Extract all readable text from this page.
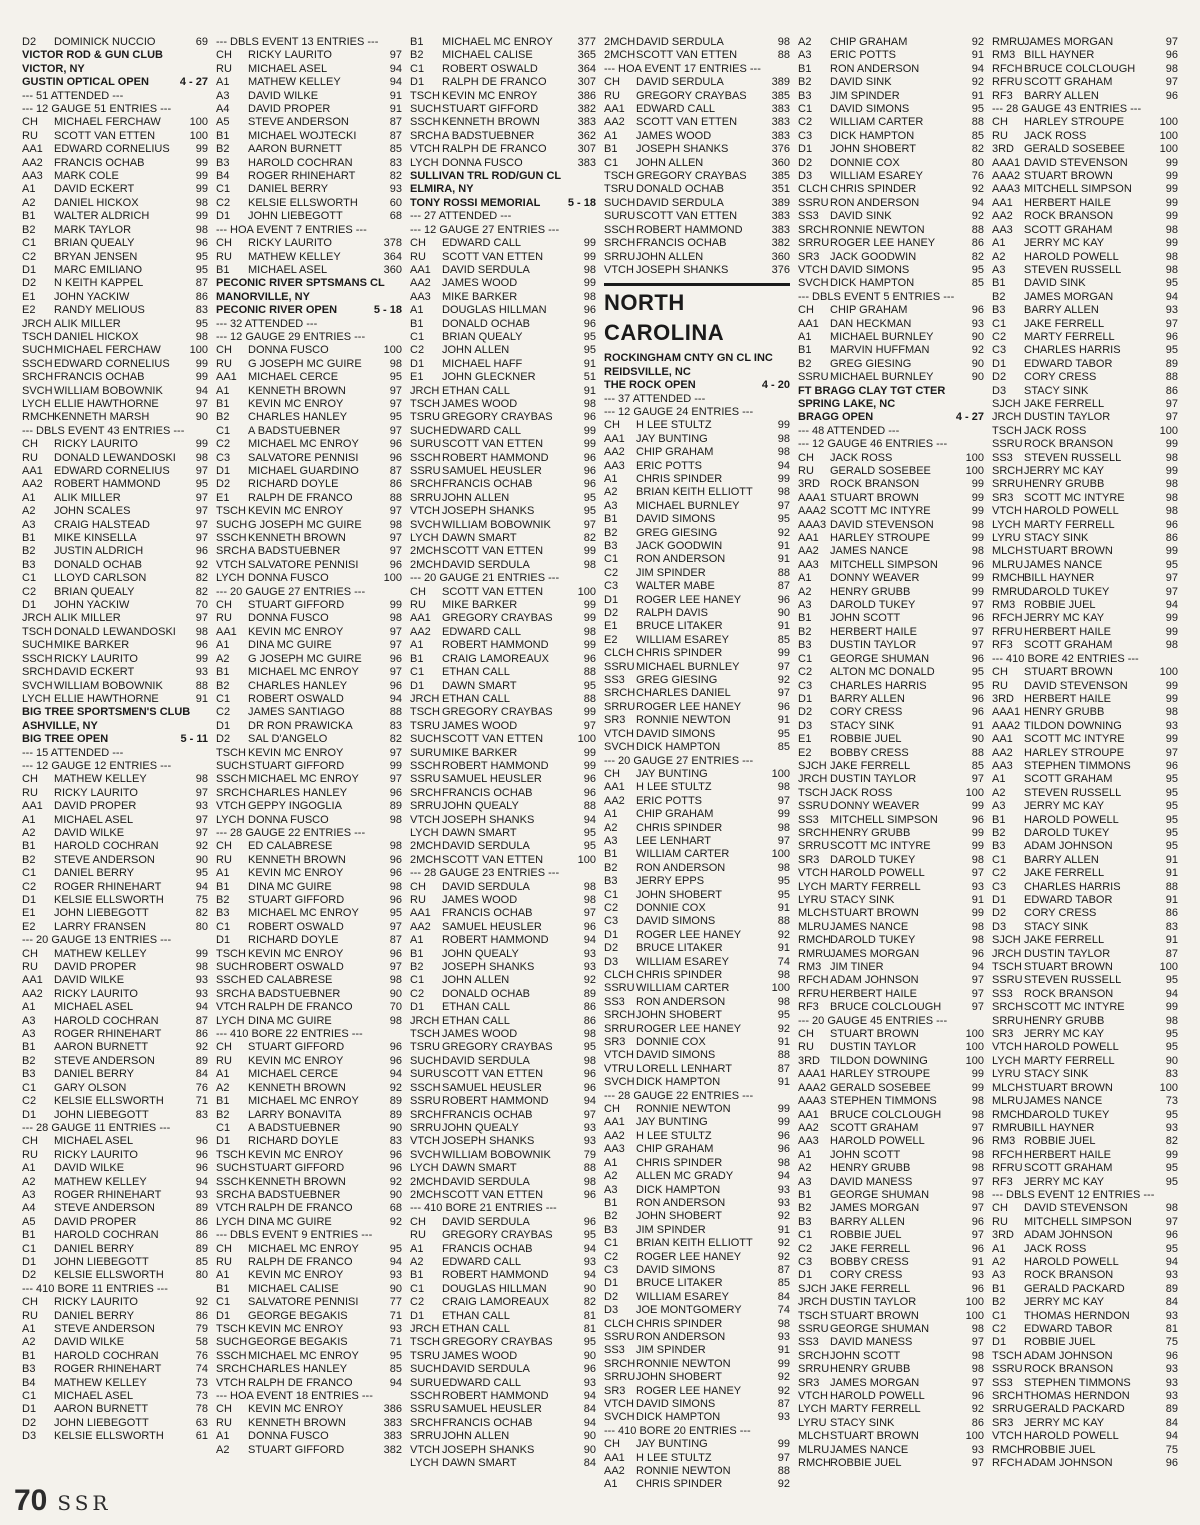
D2	DOMINICK NUCCIO	69
VICTOR ROD & GUN CLUB
VICTOR, NY
GUSTIN OPTICAL OPEN	4 - 27
--- 51 ATTENDED ---
--- 12 GAUGE 51 ENTRIES ---
CH	MICHAEL FERCHAW	100
RU	SCOTT VAN ETTEN	100
AA1	EDWARD CORNELIUS	99
AA2	FRANCIS OCHAB	99
AA3	MARK COLE	99
A1	DAVID ECKERT	99
A2	DANIEL HICKOX	98
B1	WALTER ALDRICH	99
B2	MARK TAYLOR	98
C1	BRIAN QUEALY	96
C2	BRYAN JENSEN	95
D1	MARC EMILIANO	95
D2	N KEITH KAPPEL	87
E1	JOHN YACKIW	86
E2	RANDY MELIOUS	83
JRCH ALIK MILLER	95
TSCH DANIEL HICKOX	98
SUCH MICHAEL FERCHAW	100
SSCH EDWARD CORNELIUS	99
SRCH FRANCIS OCHAB	99
SVCH WILLIAM BOBOWNIK	94
LYCH ELLIE HAWTHORNE	97
RMCH KENNETH MARSH	90
--- DBLS EVENT 43 ENTRIES ---
CH	RICKY LAURITO	99
RU	DONALD LEWANDOSKI	98
AA1	EDWARD CORNELIUS	97
AA2	ROBERT HAMMOND	95
A1	ALIK MILLER	97
A2	JOHN SCALES	97
A3	CRAIG HALSTEAD	97
B1	MIKE KINSELLA	97
B2	JUSTIN ALDRICH	96
B3	DONALD OCHAB	92
C1	LLOYD CARLSON	82
C2	BRIAN QUEALY	82
D1	JOHN YACKIW	70
JRCH ALIK MILLER	97
TSCH DONALD LEWANDOSKI	98
SUCH MIKE BARKER	96
SSCH RICKY LAURITO	99
SRCH DAVID ECKERT	93
SVCH WILLIAM BOBOWNIK	88
LYCH ELLIE HAWTHORNE	91
BIG TREE SPORTSMEN'S CLUB
ASHVILLE, NY
BIG TREE OPEN	5 - 11
--- 15 ATTENDED ---
--- 12 GAUGE 12 ENTRIES ---
CH	MATHEW KELLEY	98
RU	RICKY LAURITO	97
AA1	DAVID PROPER	93
A1	MICHAEL ASEL	97
A2	DAVID WILKE	97
B1	HAROLD COCHRAN	92
B2	STEVE ANDERSON	90
C1	DANIEL BERRY	95
C2	ROGER RHINEHART	94
D1	KELSIE ELLSWORTH	75
E1	JOHN LIEBEGOTT	82
E2	LARRY FRANSEN	80
--- 20 GAUGE 13 ENTRIES ---
CH	MATHEW KELLEY	99
RU	DAVID PROPER	98
AA1	DAVID WILKE	93
AA2	RICKY LAURITO	93
A1	MICHAEL ASEL	94
A3	HAROLD COCHRAN	87
A3	ROGER RHINEHART	86
B1	AARON BURNETT	92
B2	STEVE ANDERSON	89
B3	DANIEL BERRY	84
C1	GARY OLSON	76
C2	KELSIE ELLSWORTH	71
D1	JOHN LIEBEGOTT	83
--- 28 GAUGE 11 ENTRIES ---
CH	MICHAEL ASEL	96
RU	RICKY LAURITO	96
A1	DAVID WILKE	96
A2	MATHEW KELLEY	94
A3	ROGER RHINEHART	93
A4	STEVE ANDERSON	89
A5	DAVID PROPER	86
B1	HAROLD COCHRAN	86
C1	DANIEL BERRY	89
D1	JOHN LIEBEGOTT	85
D2	KELSIE ELLSWORTH	80
--- 410 BORE 11 ENTRIES ---
CH	RICKY LAURITO	92
RU	DANIEL BERRY	86
A1	STEVE ANDERSON	79
A2	DAVID WILKE	58
B1	HAROLD COCHRAN	76
B3	ROGER RHINEHART	74
B4	MATHEW KELLEY	73
C1	MICHAEL ASEL	73
D1	AARON BURNETT	78
D2	JOHN LIEBEGOTT	63
D3	KELSIE ELLSWORTH	61
--- DBLS EVENT 13 ENTRIES ---
CH	RICKY LAURITO	97
RU	MICHAEL ASEL	94
A1	MATHEW KELLEY	94
A3	DAVID WILKE	91
A4	DAVID PROPER	91
A5	STEVE ANDERSON	87
B1	MICHAEL WOJTECKI	87
B2	AARON BURNETT	85
B3	HAROLD COCHRAN	83
B4	ROGER RHINEHART	82
C1	DANIEL BERRY	93
C2	KELSIE ELLSWORTH	60
D1	JOHN LIEBEGOTT	68
--- HOA EVENT 7 ENTRIES ---
CH	RICKY LAURITO	378
RU	MATHEW KELLEY	364
B1	MICHAEL ASEL	360
PECONIC RIVER SPTSMANS CL
MANORVILLE, NY
PECONIC RIVER OPEN	5 - 18
--- 32 ATTENDED ---
--- 12 GAUGE 29 ENTRIES ---
CH	DONNA FUSCO	100
RU	G JOSEPH MC GUIRE	98
AA1	MICHAEL CERCE	95
A1	KENNETH BROWN	97
B1	KEVIN MC ENROY	97
B2	CHARLES HANLEY	95
C1	A BADSTUEBNER	97
C2	MICHAEL MC ENROY	96
C3	SALVATORE PENNISI	96
D1	MICHAEL GUARDINO	87
D2	RICHARD DOYLE	86
E1	RALPH DE FRANCO	88
TSCH KEVIN MC ENROY	97
SUCH G JOSEPH MC GUIRE	98
SSCH KENNETH BROWN	97
SRCH A BADSTUEBNER	97
VTCH SALVATORE PENNISI	96
LYCH DONNA FUSCO	100
--- 20 GAUGE 27 ENTRIES ---
CH	STUART GIFFORD	99
RU	DONNA FUSCO	98
AA1	KEVIN MC ENROY	97
A1	DINA MC GUIRE	97
A2	G JOSEPH MC GUIRE	96
B1	MICHAEL MC ENROY	97
B2	CHARLES HANLEY	96
C1	ROBERT OSWALD	94
C2	JAMES SANTIAGO	88
D1	DR RON PRAWICKA	83
D2	SAL D'ANGELO	82
TSCH KEVIN MC ENROY	97
SUCH STUART GIFFORD	99
SSCH MICHAEL MC ENROY	97
SRCH CHARLES HANLEY	96
VTCH GEPPY INGOGLIA	89
LYCH DONNA FUSCO	98
--- 28 GAUGE 22 ENTRIES ---
CH	ED CALABRESE	98
RU	KENNETH BROWN	96
A1	KEVIN MC ENROY	96
B1	DINA MC GUIRE	98
B2	STUART GIFFORD	96
B3	MICHAEL MC ENROY	95
C1	ROBERT OSWALD	97
D1	RICHARD DOYLE	87
TSCH KEVIN MC ENROY	96
SUCH ROBERT OSWALD	97
SSCH ED CALABRESE	98
SRCH A BADSTUEBNER	90
VTCH RALPH DE FRANCO	70
LYCH DINA MC GUIRE	98
--- 410 BORE 22 ENTRIES ---
CH	STUART GIFFORD	96
RU	KEVIN MC ENROY	96
A1	MICHAEL CERCE	94
A2	KENNETH BROWN	92
B1	MICHAEL MC ENROY	89
B2	LARRY BONAVITA	89
C1	A BADSTUEBNER	90
D1	RICHARD DOYLE	83
TSCH KEVIN MC ENROY	96
SUCH STUART GIFFORD	96
SSCH KENNETH BROWN	92
SRCH A BADSTUEBNER	90
VTCH RALPH DE FRANCO	68
LYCH DINA MC GUIRE	92
--- DBLS EVENT 9 ENTRIES ---
CH	MICHAEL MC ENROY	95
RU	RALPH DE FRANCO	94
A1	KEVIN MC ENROY	93
B1	MICHAEL CALISE	90
C1	SALVATORE PENNISI	77
D1	GEORGE BEGAKIS	71
TSCH KEVIN MC ENROY	93
SUCH GEORGE BEGAKIS	71
SSCH MICHAEL MC ENROY	95
SRCH CHARLES HANLEY	85
VTCH RALPH DE FRANCO	94
--- HOA EVENT 18 ENTRIES ---
CH	KEVIN MC ENROY	386
RU	KENNETH BROWN	383
A1	DONNA FUSCO	383
A2	STUART GIFFORD	382
B1	MICHAEL MC ENROY	377
B2	MICHAEL CALISE	365
C1	ROBERT OSWALD	364
D1	RALPH DE FRANCO	307
TSCH KEVIN MC ENROY	386
SUCH STUART GIFFORD	382
SSCH KENNETH BROWN	383
SRCH A BADSTUEBNER	362
VTCH RALPH DE FRANCO	307
LYCH DONNA FUSCO	383
SULLIVAN TRL ROD/GUN CL
ELMIRA, NY
TONY ROSSI MEMORIAL 5 - 18
--- 27 ATTENDED ---
--- 12 GAUGE 27 ENTRIES ---
CH	EDWARD CALL	99
RU	SCOTT VAN ETTEN	99
AA1	DAVID SERDULA	98
AA2	JAMES WOOD	99
AA3	MIKE BARKER	98
A1	DOUGLAS HILLMAN	96
B1	DONALD OCHAB	96
C1	BRIAN QUEALY	95
C2	JOHN ALLEN	95
D1	MICHAEL HAFF	91
E1	JOHN GLECKNER	51
JRCH ETHAN CALL	91
TSCH JAMES WOOD	98
TSRU GREGORY CRAYBAS	96
SUCH EDWARD CALL	99
SURU SCOTT VAN ETTEN	99
SSCH ROBERT HAMMOND	96
SSRU SAMUEL HEUSLER	96
SRCH FRANCIS OCHAB	96
SRRU JOHN ALLEN	95
VTCH JOSEPH SHANKS	95
SVCH WILLIAM BOBOWNIK	97
LYCH DAWN SMART	82
2MCH SCOTT VAN ETTEN	99
2MCH DAVID SERDULA	98
--- 20 GAUGE 21 ENTRIES ---
CH	SCOTT VAN ETTEN	100
RU	MIKE BARKER	99
AA1	GREGORY CRAYBAS	99
AA2	EDWARD CALL	98
A1	ROBERT HAMMOND	99
B1	CRAIG LAMOREAUX	96
C1	ETHAN CALL	88
D1	DAWN SMART	95
JRCH ETHAN CALL	88
TSCH GREGORY CRAYBAS	99
TSRU JAMES WOOD	97
SUCH SCOTT VAN ETTEN	100
SURU MIKE BARKER	99
SSCH ROBERT HAMMOND	99
SSRU SAMUEL HEUSLER	96
SRCH FRANCIS OCHAB	96
SRRU JOHN QUEALY	88
VTCH JOSEPH SHANKS	94
LYCH DAWN SMART	95
2MCH DAVID SERDULA	95
2MCH SCOTT VAN ETTEN	100
--- 28 GAUGE 23 ENTRIES ---
CH	DAVID SERDULA	98
RU	JAMES WOOD	98
AA1	FRANCIS OCHAB	97
AA2	SAMUEL HEUSLER	96
A1	ROBERT HAMMOND	94
B1	JOHN QUEALY	93
B2	JOSEPH SHANKS	93
C1	JOHN ALLEN	92
C2	DONALD OCHAB	89
D1	ETHAN CALL	86
JRCH ETHAN CALL	86
TSCH JAMES WOOD	98
TSRU GREGORY CRAYBAS	95
SUCH DAVID SERDULA	98
SURU SCOTT VAN ETTEN	96
SSCH SAMUEL HEUSLER	96
SSRU ROBERT HAMMOND	94
SRCH FRANCIS OCHAB	97
SRRU JOHN QUEALY	93
VTCH JOSEPH SHANKS	93
SVCH WILLIAM BOBOWNIK	79
LYCH DAWN SMART	88
2MCH DAVID SERDULA	98
2MCH SCOTT VAN ETTEN	96
--- 410 BORE 21 ENTRIES ---
CH	DAVID SERDULA	96
RU	GREGORY CRAYBAS	95
A1	FRANCIS OCHAB	94
A2	EDWARD CALL	93
B1	ROBERT HAMMOND	94
C1	DOUGLAS HILLMAN	90
C2	CRAIG LAMOREAUX	82
D1	ETHAN CALL	81
JRCH ETHAN CALL	81
TSCH GREGORY CRAYBAS	95
TSRU JAMES WOOD	90
SUCH DAVID SERDULA	96
SURU EDWARD CALL	93
SSCH ROBERT HAMMOND	94
SSRU SAMUEL HEUSLER	84
SRCH FRANCIS OCHAB	94
SRRU JOHN ALLEN	90
VTCH JOSEPH SHANKS	90
LYCH DAWN SMART	84
2MCH DAVID SERDULA	98
2MCH SCOTT VAN ETTEN	88
--- HOA EVENT 17 ENTRIES ---
CH	DAVID SERDULA	389
RU	GREGORY CRAYBAS	385
AA1	EDWARD CALL	383
AA2	SCOTT VAN ETTEN	383
A1	JAMES WOOD	383
B1	JOSEPH SHANKS	376
C1	JOHN ALLEN	360
TSCH GREGORY CRAYBAS	385
TSRU DONALD OCHAB	351
SUCH DAVID SERDULA	389
SURU SCOTT VAN ETTEN	383
SSCH ROBERT HAMMOND	383
SRCH FRANCIS OCHAB	382
SRRU JOHN ALLEN	360
VTCH JOSEPH SHANKS	376
NORTH CAROLINA
ROCKINGHAM CNTY GN CL INC
REIDSVILLE, NC
THE ROCK OPEN	4 - 20
--- 37 ATTENDED ---
--- 12 GAUGE 24 ENTRIES ---
CH	H LEE STULTZ	99
AA1	JAY BUNTING	98
AA2	CHIP GRAHAM	98
AA3	ERIC POTTS	94
A1	CHRIS SPINDER	99
A2	BRIAN KEITH ELLIOTT	98
A3	MICHAEL BURNLEY	97
B1	DAVID SIMONS	95
B2	GREG GIESING	92
B3	JACK GOODWIN	91
C1	RON ANDERSON	91
C2	JIM SPINDER	88
C3	WALTER MABE	87
D1	ROGER LEE HANEY	96
D2	RALPH DAVIS	90
E1	BRUCE LITAKER	91
E2	WILLIAM ESAREY	85
CLCH CHRIS SPINDER	99
SSRU MICHAEL BURNLEY	97
SS3	GREG GIESING	92
SRCH CHARLES DANIEL	97
SRRU ROGER LEE HANEY	96
SR3 RONNIE NEWTON	91
VTCH DAVID SIMONS	95
SVCH DICK HAMPTON	85
--- 20 GAUGE 27 ENTRIES ---
CH	JAY BUNTING	100
AA1	H LEE STULTZ	98
AA2	ERIC POTTS	97
A1	CHIP GRAHAM	99
A2	CHRIS SPINDER	98
A3	LEE LENHART	97
B1	WILLIAM CARTER	100
B2	RON ANDERSON	98
B3	JERRY EPPS	95
C1	JOHN SHOBERT	95
C2	DONNIE COX	91
C3	DAVID SIMONS	88
D1	ROGER LEE HANEY	92
D2	BRUCE LITAKER	91
D3	WILLIAM ESAREY	74
CLCH CHRIS SPINDER	98
SSRU WILLIAM CARTER	100
SS3	RON ANDERSON	98
SRCH JOHN SHOBERT	95
SRRU ROGER LEE HANEY	92
SR3 DONNIE COX	91
VTCH DAVID SIMONS	88
VTRU LORELL LENHART	87
SVCH DICK HAMPTON	91
--- 28 GAUGE 22 ENTRIES ---
CH	RONNIE NEWTON	99
AA1	JAY BUNTING	99
AA2	H LEE STULTZ	96
AA3	CHIP GRAHAM	96
A1	CHRIS SPINDER	98
A2	ALLEN MC GRADY	94
A3	DICK HAMPTON	93
B1	RON ANDERSON	93
B2	JOHN SHOBERT	92
B3	JIM SPINDER	91
C1	BRIAN KEITH ELLIOTT	92
C2	ROGER LEE HANEY	92
C3	DAVID SIMONS	87
D1	BRUCE LITAKER	85
D2	WILLIAM ESAREY	84
D3	JOE MONTGOMERY	74
CLCH CHRIS SPINDER	98
SSRU RON ANDERSON	93
SS3	JIM SPINDER	91
SRCH RONNIE NEWTON	99
SRRU JOHN SHOBERT	92
SR3 ROGER LEE HANEY	92
VTCH DAVID SIMONS	87
SVCH DICK HAMPTON	93
--- 410 BORE 20 ENTRIES ---
CH	JAY BUNTING	99
AA1	H LEE STULTZ	97
AA2	RONNIE NEWTON	88
A1	CHRIS SPINDER	92
A2	CHIP GRAHAM	92
A3	ERIC POTTS	91
B1	RON ANDERSON	94
B2	DAVID SINK	92
B3	JIM SPINDER	91
C1	DAVID SIMONS	95
C2	WILLIAM CARTER	88
C3	DICK HAMPTON	85
D1	JOHN SHOBERT	82
D2	DONNIE COX	80
D3	WILLIAM ESAREY	76
CLCH CHRIS SPINDER	92
SSRU RON ANDERSON	94
SS3	DAVID SINK	92
SRCH RONNIE NEWTON	88
SRRU ROGER LEE HANEY	86
SR3 JACK GOODWIN	82
VTCH DAVID SIMONS	95
SVCH DICK HAMPTON	85
--- DBLS EVENT 5 ENTRIES ---
CH	CHIP GRAHAM	96
AA1	DAN HECKMAN	93
A1	MICHAEL BURNLEY	90
B1	MARVIN HUFFMAN	92
B2	GREG GIESING	90
SSRU MICHAEL BURNLEY	90
FT BRAGG CLAY TGT CTER
SPRING LAKE, NC
BRAGG OPEN	4 - 27
--- 48 ATTENDED ---
--- 12 GAUGE 46 ENTRIES ---
CH	JACK ROSS	100
RU	GERALD SOSEBEE	100
3RD ROCK BRANSON	99
AAA1 STUART BROWN	99
AAA2 SCOTT MC INTYRE	99
AAA3 DAVID STEVENSON	98
AA1	HARLEY STROUPE	99
AA2	JAMES NANCE	98
AA3	MITCHELL SIMPSON	96
A1	DONNY WEAVER	99
A2	HENRY GRUBB	99
A3	DAROLD TUKEY	97
B1	JOHN SCOTT	96
B2	HERBERT HAILE	97
B3	DUSTIN TAYLOR	97
C1	GEORGE SHUMAN	96
C2	ALTON MC DONALD	95
C3	CHARLES HARRIS	95
D1	BARRY ALLEN	96
D2	CORY CRESS	96
D3	STACY SINK	91
E1	ROBBIE JUEL	90
E2	BOBBY CRESS	88
SJCH JAKE FERRELL	85
JRCH DUSTIN TAYLOR	97
TSCH JACK ROSS	100
SSRU DONNY WEAVER	99
SS3	MITCHELL SIMPSON	96
SRCH HENRY GRUBB	99
SRRU SCOTT MC INTYRE	99
SR3 DAROLD TUKEY	98
VTCH HAROLD POWELL	97
LYCH MARTY FERRELL	93
LYRU STACY SINK	91
MLCH STUART BROWN	99
MLRU JAMES NANCE	98
RMCH DAROLD TUKEY	98
RMRU JAMES MORGAN	96
RM3 JIM TINER	94
RFCH ADAM JOHNSON	97
RFRU HERBERT HAILE	97
RF3	BRUCE COLCLOUGH	97
--- 20 GAUGE 45 ENTRIES ---
CH	STUART BROWN	100
RU	DUSTIN TAYLOR	100
3RD TILDON DOWNING	100
AAA1 HARLEY STROUPE	99
AAA2 GERALD SOSEBEE	99
AAA3 STEPHEN TIMMONS	98
AA1	BRUCE COLCLOUGH	98
AA2	SCOTT GRAHAM	97
AA3	HAROLD POWELL	96
A1	JOHN SCOTT	98
A2	HENRY GRUBB	98
A3	DAVID MANESS	97
B1	GEORGE SHUMAN	98
B2	JAMES MORGAN	97
B3	BARRY ALLEN	96
C1	ROBBIE JUEL	97
C2	JAKE FERRELL	96
C3	BOBBY CRESS	91
D1	CORY CRESS	93
SJCH JAKE FERRELL	96
JRCH DUSTIN TAYLOR	100
TSCH STUART BROWN	100
SSRU GEORGE SHUMAN	98
SS3	DAVID MANESS	97
SRCH JOHN SCOTT	98
SRRU HENRY GRUBB	98
SR3 JAMES MORGAN	97
VTCH HAROLD POWELL	96
LYCH MARTY FERRELL	92
LYRU STACY SINK	86
MLCH STUART BROWN	100
MLRU JAMES NANCE	93
RMCH ROBBIE JUEL	97
RMRU JAMES MORGAN	97
RM3 BILL HAYNER	96
RFCH BRUCE COLCLOUGH	98
RFRU SCOTT GRAHAM	97
RF3	BARRY ALLEN	96
--- 28 GAUGE 43 ENTRIES ---
CH	HARLEY STROUPE	100
RU	JACK ROSS	100
3RD GERALD SOSEBEE	100
AAA1 DAVID STEVENSON	99
AAA2 STUART BROWN	99
AAA3 MITCHELL SIMPSON	99
AA1	HERBERT HAILE	99
AA2	ROCK BRANSON	99
AA3	SCOTT GRAHAM	98
A1	JERRY MC KAY	99
A2	HAROLD POWELL	98
A3	STEVEN RUSSELL	98
B1	DAVID SINK	95
B2	JAMES MORGAN	94
B3	BARRY ALLEN	93
C1	JAKE FERRELL	97
C2	MARTY FERRELL	96
C3	CHARLES HARRIS	95
D1	EDWARD TABOR	89
D2	CORY CRESS	88
D3	STACY SINK	86
SJCH JAKE FERRELL	97
JRCH DUSTIN TAYLOR	97
TSCH JACK ROSS	100
SSRU ROCK BRANSON	99
SS3	STEVEN RUSSELL	98
SRCH JERRY MC KAY	99
SRRU HENRY GRUBB	98
SR3 SCOTT MC INTYRE	98
VTCH HAROLD POWELL	98
LYCH MARTY FERRELL	96
LYRU STACY SINK	86
MLCH STUART BROWN	99
MLRU JAMES NANCE	95
RMCH BILL HAYNER	97
RMRU DAROLD TUKEY	97
RM3 ROBBIE JUEL	94
RFCH JERRY MC KAY	99
RFRU HERBERT HAILE	99
RF3	SCOTT GRAHAM	98
--- 410 BORE 42 ENTRIES ---
CH	STUART BROWN	100
RU	DAVID STEVENSON	99
3RD HERBERT HAILE	99
AAA1 HENRY GRUBB	98
AAA2 TILDON DOWNING	93
AA1	SCOTT MC INTYRE	99
AA2	HARLEY STROUPE	97
AA3	STEPHEN TIMMONS	96
A1	SCOTT GRAHAM	95
A2	STEVEN RUSSELL	95
A3	JERRY MC KAY	95
B1	HAROLD POWELL	95
B2	DAROLD TUKEY	95
B3	ADAM JOHNSON	95
C1	BARRY ALLEN	91
C2	JAKE FERRELL	91
C3	CHARLES HARRIS	88
D1	EDWARD TABOR	91
D2	CORY CRESS	86
D3	STACY SINK	83
SJCH JAKE FERRELL	91
JRCH DUSTIN TAYLOR	87
TSCH STUART BROWN	100
SSRU STEVEN RUSSELL	95
SS3	ROCK BRANSON	94
SRCH SCOTT MC INTYRE	99
SRRU HENRY GRUBB	98
SR3 JERRY MC KAY	95
VTCH HAROLD POWELL	95
LYCH MARTY FERRELL	90
LYRU STACY SINK	83
MLCH STUART BROWN	100
MLRU JAMES NANCE	73
RMCH DAROLD TUKEY	95
RMRU BILL HAYNER	93
RM3 ROBBIE JUEL	82
RFCH HERBERT HAILE	99
RFRU SCOTT GRAHAM	95
RF3	JERRY MC KAY	95
--- DBLS EVENT 12 ENTRIES ---
CH	DAVID STEVENSON	98
RU	MITCHELL SIMPSON	97
3RD ADAM JOHNSON	96
A1	JACK ROSS	95
A2	HAROLD POWELL	94
A3	ROCK BRANSON	93
B1	GERALD PACKARD	89
B2	JERRY MC KAY	84
C1	THOMAS HERNDON	93
C2	EDWARD TABOR	81
D1	ROBBIE JUEL	75
TSCH ADAM JOHNSON	96
SSRU ROCK BRANSON	93
SS3	STEPHEN TIMMONS	93
SRCH THOMAS HERNDON	93
SRRU GERALD PACKARD	89
SR3 JERRY MC KAY	84
VTCH HAROLD POWELL	94
RMCH ROBBIE JUEL	75
RFCH ADAM JOHNSON	96
70 SSR
